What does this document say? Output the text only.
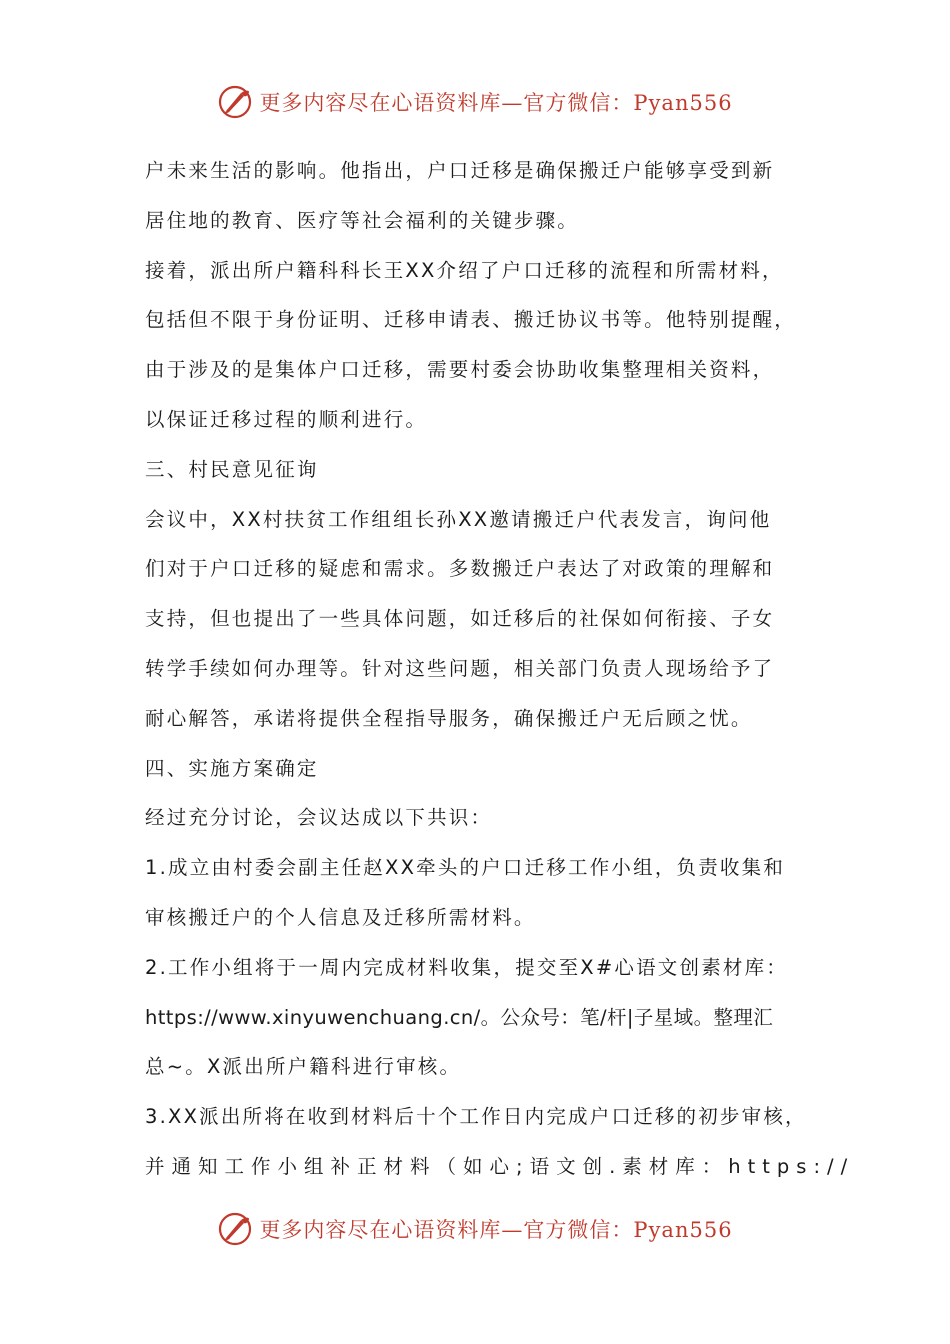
更多内容尽在心语资料库—官方微信：Pyan556
户未来生活的影响。他指出，户口迁移是确保搬迁户能够享受到新
居住地的教育、医疗等社会福利的关键步骤。
接着，派出所户籍科科长王XX介绍了户口迁移的流程和所需材料，
包括但不限于身份证明、迁移申请表、搬迁协议书等。他特别提醒，
由于涉及的是集体户口迁移，需要村委会协助收集整理相关资料，
以保证迁移过程的顺利进行。
三、村民意见征询
会议中，XX村扶贫工作组组长孙XX邀请搬迁户代表发言，询问他
们对于户口迁移的疑虑和需求。多数搬迁户表达了对政策的理解和
支持，但也提出了一些具体问题，如迁移后的社保如何衔接、子女
转学手续如何办理等。针对这些问题，相关部门负责人现场给予了
耐心解答，承诺将提供全程指导服务，确保搬迁户无后顾之忧。
四、实施方案确定
经过充分讨论，会议达成以下共识：
1.成立由村委会副主任赵XX牵头的户口迁移工作小组，负责收集和
审核搬迁户的个人信息及迁移所需材料。
2.工作小组将于一周内完成材料收集，提交至X#心语文创素材库：
https://www.xinyuwenchuang.cn/。公众号：笔/杆|子星域。整理汇
总~。X派出所户籍科进行审核。
3.XX派出所将在收到材料后十个工作日内完成户口迁移的初步审核，
并通知工作小组补正材料（如心;语文创.素材库：https://
更多内容尽在心语资料库—官方微信：Pyan556
